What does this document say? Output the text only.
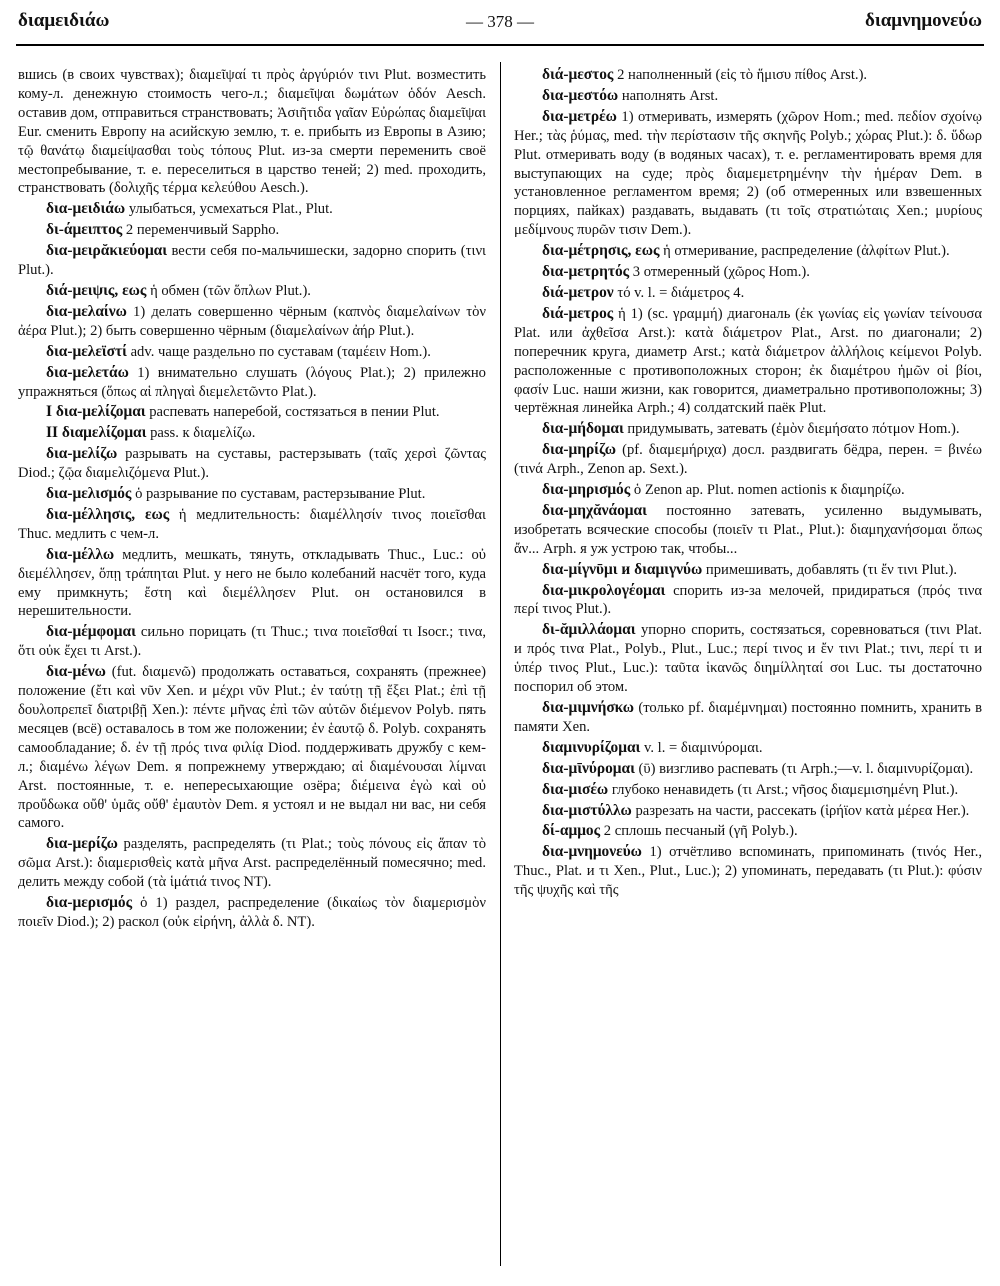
διαμειδιάω	— 378 —	διαμνημονεύω

вшись (в своих чувствах); διαμεῖψαί τι πρὸς ἀργύριόν τινι Plut. возместить кому-л. денежную стоимость чего-л.; διαμεῖψαι δωμάτων ὁδόν Aesch. оставив дом, отправиться странствовать; Ἀσιῆτιδα γαῖαν Εὐρώπας διαμεῖψαι Eur. сменить Европу на асийскую землю, т. е. прибыть из Европы в Азию; τῷ θανάτῳ διαμείψασθαι τοὺς τόπους Plut. из-за смерти переменить своё местопребывание, т. е. переселиться в царство теней; 2) med. проходить, странствовать (δολιχῆς τέρμα κελεύθου Aesch.).

δια-μειδιάω улыбаться, усмехаться Plat., Plut.

δι-άμειπτος 2 переменчивый Sappho.

δια-μειρᾰκιεύομαι вести себя по-мальчишески, задорно спорить (τινι Plut.).

διά-μειψις, εως ἡ обмен (τῶν ὅπλων Plut.).

δια-μελαίνω 1) делать совершенно чёрным (καπνὸς διαμελαίνων τὸν ἀέρα Plut.); 2) быть совершенно чёрным (διαμελαίνων ἀήρ Plut.).

δια-μελεϊστί adv. чаще раздельно по суставам (ταμέειν Hom.).

δια-μελετάω 1) внимательно слушать (λόγους Plat.); 2) прилежно упражняться (ὅπως αἱ πληγαὶ διεμελετῶντο Plat.).

I δια-μελίζομαι распевать наперебой, состязаться в пении Plut.

II διαμελίζομαι pass. к διαμελίζω.

δια-μελίζω разрывать на суставы, растерзывать (ταῖς χερσὶ ζῶντας Diod.; ζῷα διαμελιζόμενα Plut.).

δια-μελισμός ὁ разрывание по суставам, растерзывание Plut.

δια-μέλλησις, εως ἡ медлительность: διαμέλλησίν τινος ποιεῖσθαι Thuc. медлить с чем-л.

δια-μέλλω медлить, мешкать, тянуть, откладывать Thuc., Luc.: οὐ διεμέλλησεν, ὅπῃ τράπηται Plut. у него не было колебаний насчёт того, куда ему примкнуть; ἔστη καὶ διεμέλλησεν Plut. он остановился в нерешительности.

δια-μέμφομαι сильно порицать (τι Thuc.; τινα ποιεῖσθαί τι Isocr.; τινα, ὅτι οὐκ ἔχει τι Arst.).

δια-μένω (fut. διαμενῶ) продолжать оставаться, сохранять (прежнее) положение (ἔτι καὶ νῦν Xen. и μέχρι νῦν Plut.; ἐν ταύτῃ τῇ ἕξει Plat.; ἐπὶ τῇ δουλοπρεπεῖ διατριβῇ Xen.): πέντε μῆνας ἐπὶ τῶν αὐτῶν διέμενον Polyb. пять месяцев (всё) оставалось в том же положении; ἐν ἑαυτῷ δ. Polyb. сохранять самообладание; δ. ἐν τῇ πρός τινα φιλίᾳ Diod. поддерживать дружбу с кем-л.; διαμένω λέγων Dem. я попрежнему утверждаю; αἱ διαμένουσαι λίμναι Arst. постоянные, т. е. непересыхающие озёра; διέμεινα ἐγὼ καὶ οὐ προὔδωκα οὔθ' ὑμᾶς οὔθ' ἐμαυτὸν Dem. я устоял и не выдал ни вас, ни себя самого.

δια-μερίζω разделять, распределять (τι Plat.; τοὺς πόνους εἰς ἅπαν τὸ σῶμα Arst.): διαμερισθεὶς κατὰ μῆνα Arst. распределённый помесячно; med. делить между собой (τὰ ἱμάτιά τινος NT).

δια-μερισμός ὁ 1) раздел, распределение (δικαίως τὸν διαμερισμὸν ποιεῖν Diod.); 2) раскол (οὐκ εἰρήνη, ἀλλὰ δ. NT).

διά-μεστος 2 наполненный (εἰς τὸ ἥμισυ πίθος Arst.).

δια-μεστόω наполнять Arst.

δια-μετρέω 1) отмеривать, измерять (χῶρον Hom.; med. πεδίον σχοίνῳ Her.; τὰς ῥύμας, med. τὴν περίστασιν τῆς σκηνῆς Polyb.; χώρας Plut.): δ. ὕδωρ Plut. отмеривать воду (в водяных часах), т. е. регламентировать время для выступающих на суде; πρὸς διαμεμετρημένην τὴν ἡμέραν Dem. в установленное регламентом время; 2) (об отмеренных или взвешенных порциях, пайках) раздавать, выдавать (τι τοῖς στρατιώταις Xen.; μυρίους μεδίμνους πυρῶν τισιν Dem.).

δια-μέτρησις, εως ἡ отмеривание, распределение (ἀλφίτων Plut.).

δια-μετρητός 3 отмеренный (χῶρος Hom.).

διά-μετρον τό v. l. = διάμετρος 4.

διά-μετρος ἡ 1) (sc. γραμμή) диагональ (ἐκ γωνίας εἰς γωνίαν τείνουσα Plat. или ἀχθεῖσα Arst.): κατὰ διάμετρον Plat., Arst. по диагонали; 2) поперечник круга, диаметр Arst.; κατὰ διάμετρον ἀλλήλοις κείμενοι Polyb. расположенные с противоположных сторон; ἐκ διαμέτρου ἡμῶν οἱ βίοι, φασίν Luc. наши жизни, как говорится, диаметрально противоположны; 3) чертёжная линейка Arph.; 4) солдатский паёк Plut.

δια-μήδομαι придумывать, затевать (ἐμὸν διεμήσατο πότμον Hom.).

δια-μηρίζω (pf. διαμεμήριχα) досл. раздвигать бёдра, перен. = βινέω (τινά Arph., Zenon ap. Sext.).

δια-μηρισμός ὁ Zenon ap. Plut. nomen actionis к διαμηρίζω.

δια-μηχᾰνάομαι постоянно затевать, усиленно выдумывать, изобретать всяческие способы (ποιεῖν τι Plat., Plut.): διαμηχανήσομαι ὅπως ἄν... Arph. я уж устрою так, чтобы...

δια-μίγνῡμι и διαμιγνύω примешивать, добавлять (τι ἔν τινι Plut.).

δια-μικρολογέομαι спорить из-за мелочей, придираться (πρός τινα περί τινος Plut.).

δι-ᾰμιλλάομαι упорно спорить, состязаться, соревноваться (τινι Plat. и πρός τινα Plat., Polyb., Plut., Luc.; περί τινος и ἔν τινι Plat.; τινι, περί τι и ὑπέρ τινος Plut., Luc.): ταῦτα ἱκανῶς διημίλληταί σοι Luc. ты достаточно поспорил об этом.

δια-μιμνήσκω (только pf. διαμέμνημαι) постоянно помнить, хранить в памяти Xen.

διαμινυρίζομαι v. l. = διαμινύρομαι.

δια-μῑνύρομαι (ῡ) визгливо распевать (τι Arph.;—v. l. διαμινυρίζομαι).

δια-μισέω глубоко ненавидеть (τι Arst.; νῆσος διαμεμισημένη Plut.).

δια-μιστύλλω разрезать на части, рассекать (ἱρήϊον κατὰ μέρεα Her.).

δί-αμμος 2 сплошь песчаный (γῆ Polyb.).

δια-μνημονεύω 1) отчётливо вспоминать, припоминать (τινός Her., Thuc., Plat. и τι Xen., Plut., Luc.); 2) упоминать, передавать (τι Plut.): φύσιν τῆς ψυχῆς καὶ τῆς
